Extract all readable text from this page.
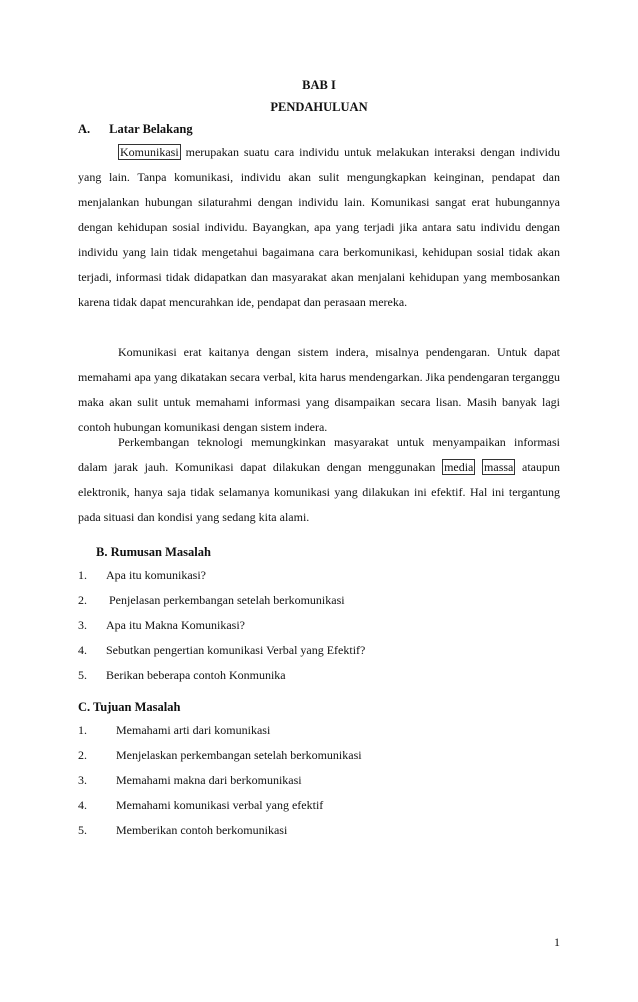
BAB I
PENDAHULUAN
A. Latar Belakang

Komunikasi merupakan suatu cara individu untuk melakukan interaksi dengan individu yang lain. Tanpa komunikasi, individu akan sulit mengungkapkan keinginan, pendapat dan menjalankan hubungan silaturahmi dengan individu lain. Komunikasi sangat erat hubungannya dengan kehidupan sosial individu. Bayangkan, apa yang terjadi jika antara satu individu dengan individu yang lain tidak mengetahui bagaimana cara berkomunikasi, kehidupan sosial tidak akan terjadi, informasi tidak didapatkan dan masyarakat akan menjalani kehidupan yang membosankan karena tidak dapat mencurahkan ide, pendapat dan perasaan mereka.

Komunikasi erat kaitanya dengan sistem indera, misalnya pendengaran. Untuk dapat memahami apa yang dikatakan secara verbal, kita harus mendengarkan. Jika pendengaran terganggu maka akan sulit untuk memahami informasi yang disampaikan secara lisan. Masih banyak lagi contoh hubungan komunikasi dengan sistem indera.

Perkembangan teknologi memungkinkan masyarakat untuk menyampaikan informasi dalam jarak jauh. Komunikasi dapat dilakukan dengan menggunakan media massa ataupun elektronik, hanya saja tidak selamanya komunikasi yang dilakukan ini efektif. Hal ini tergantung pada situasi dan kondisi yang sedang kita alami.

B. Rumusan Masalah
1. Apa itu komunikasi?
2. Penjelasan perkembangan setelah berkomunikasi
3. Apa itu Makna Komunikasi?
4. Sebutkan pengertian komunikasi Verbal yang Efektif?
5. Berikan beberapa contoh Konmunika
C. Tujuan Masalah
1. Memahami arti dari komunikasi
2. Menjelaskan perkembangan setelah berkomunikasi
3. Memahami makna dari berkomunikasi
4. Memahami komunikasi verbal yang efektif
5. Memberikan contoh berkomunikasi
1
